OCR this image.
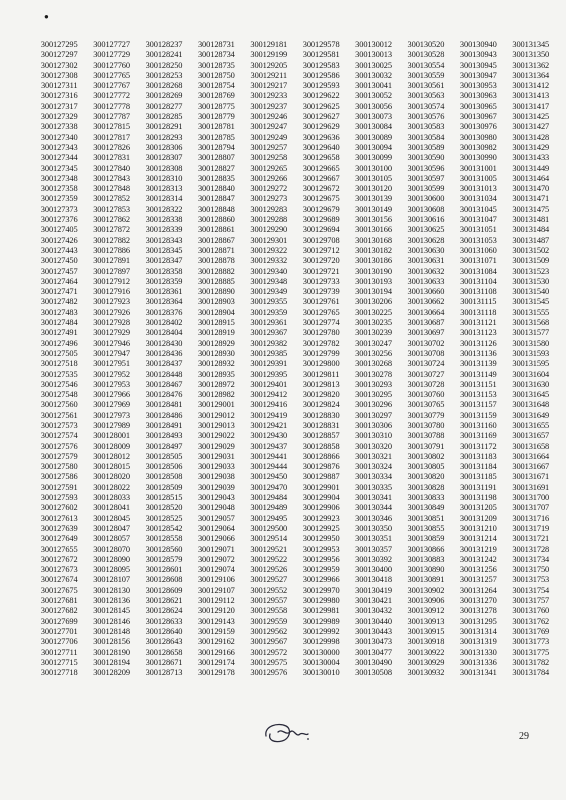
●
300127295	300127727	300128237	300128731	300129181	300129578	300130012	300130520	300130940	300131345
300127297	300127729	300128241	300128734	300129199	300129581	300130013	300130528	300130943	300131350
300127302	300127760	300128250	300128735	300129205	300129583	300130025	300130554	300130945	300131362
300127308	300127765	300128253	300128750	300129211	300129586	300130032	300130559	300130947	300131364
300127311	300127767	300128268	300128754	300129217	300129593	300130041	300130561	300130953	300131412
300127316	300127772	300128269	300128769	300129233	300129622	300130052	300130563	300130963	300131413
300127317	300127778	300128277	300128775	300129237	300129625	300130056	300130574	300130965	300131417
300127329	300127787	300128285	300128779	300129246	300129627	300130073	300130576	300130967	300131425
300127338	300127815	300128291	300128781	300129247	300129629	300130084	300130583	300130976	300131427
300127340	300127817	300128293	300128785	300129249	300129636	300130089	300130584	300130980	300131428
300127343	300127826	300128306	300128794	300129257	300129640	300130094	300130589	300130982	300131429
300127344	300127831	300128307	300128807	300129258	300129658	300130099	300130590	300130990	300131433
300127345	300127840	300128308	300128827	300129265	300129665	300130100	300130596	300131001	300131449
300127348	300127843	300128310	300128835	300129266	300129667	300130105	300130597	300131005	300131464
300127358	300127848	300128313	300128840	300129272	300129672	300130120	300130599	300131013	300131470
300127359	300127852	300128314	300128847	300129273	300129675	300130139	300130600	300131034	300131471
300127373	300127853	300128322	300128848	300129283	300129679	300130149	300130608	300131045	300131475
300127376	300127862	300128338	300128860	300129288	300129689	300130156	300130616	300131047	300131481
300127405	300127872	300128339	300128861	300129290	300129694	300130166	300130625	300131051	300131484
300127426	300127882	300128343	300128867	300129301	300129708	300130168	300130628	300131053	300131487
300127443	300127886	300128345	300128871	300129322	300129712	300130182	300130630	300131060	300131502
300127450	300127891	300128347	300128878	300129332	300129720	300130186	300130631	300131071	300131509
300127457	300127897	300128358	300128882	300129340	300129721	300130190	300130632	300131084	300131523
300127464	300127912	300128359	300128885	300129348	300129733	300130193	300130633	300131104	300131530
300127471	300127916	300128361	300128890	300129349	300129739	300130194	300130660	300131108	300131540
300127482	300127923	300128364	300128903	300129355	300129761	300130206	300130662	300131115	300131545
300127483	300127926	300128376	300128904	300129359	300129765	300130225	300130664	300131118	300131555
300127484	300127928	300128402	300128915	300129361	300129774	300130235	300130687	300131121	300131568
300127491	300127929	300128404	300128919	300129367	300129780	300130239	300130697	300131123	300131577
300127496	300127946	300128430	300128929	300129382	300129782	300130247	300130702	300131126	300131580
300127505	300127947	300128436	300128930	300129385	300129799	300130256	300130708	300131136	300131593
300127518	300127951	300128437	300128932	300129391	300129800	300130268	300130724	300131139	300131595
300127535	300127952	300128448	300128935	300129395	300129811	300130278	300130727	300131149	300131604
300127546	300127953	300128467	300128972	300129401	300129813	300130293	300130728	300131151	300131630
300127548	300127966	300128476	300128982	300129412	300129820	300130295	300130760	300131153	300131645
300127560	300127969	300128481	300129001	300129416	300129824	300130296	300130765	300131157	300131648
300127561	300127973	300128486	300129012	300129419	300128830	300130297	300130779	300131159	300131649
300127573	300127989	300128491	300129013	300129421	300128831	300130306	300130780	300131160	300131655
300127574	300128001	300128493	300129022	300129430	300128857	300130310	300130788	300131169	300131657
300127576	300128009	300128497	300129029	300129437	300128858	300130320	300130791	300131172	300131658
300127579	300128012	300128505	300129031	300129441	300128866	300130321	300130802	300131183	300131664
300127580	300128015	300128506	300129033	300129444	300129876	300130324	300130805	300131184	300131667
300127586	300128020	300128508	300129038	300129450	300129887	300130334	300130820	300131185	300131671
300127591	300128022	300128509	300129039	300129470	300129901	300130335	300130828	300131191	300131691
300127593	300128033	300128515	300129043	300129484	300129904	300130341	300130833	300131198	300131700
300127602	300128041	300128520	300129048	300129489	300129906	300130344	300130849	300131205	300131707
300127613	300128045	300128525	300129057	300129495	300129923	300130346	300130851	300131209	300131716
300127639	300128047	300128542	300129064	300129500	300129925	300130350	300130855	300131210	300131719
300127649	300128057	300128558	300129066	300129514	300129950	300130351	300130859	300131214	300131721
300127655	300128070	300128560	300129071	300129521	300129953	300130357	300130866	300131219	300131728
300127672	300128090	300128579	300129072	300129522	300129956	300130392	300130883	300131242	300131734
300127673	300128095	300128601	300129074	300129526	300129959	300130400	300130890	300131256	300131750
300127674	300128107	300128608	300129106	300129527	300129966	300130418	300130891	300131257	300131753
300127675	300128130	300128609	300129107	300129552	300129970	300130419	300130902	300131264	300131754
300127681	300128136	300128621	300129112	300129557	300129980	300130421	300130906	300131270	300131757
300127682	300128145	300128624	300129120	300129558	300129981	300130432	300130912	300131278	300131760
300127699	300128146	300128633	300129143	300129559	300129989	300130440	300130913	300131295	300131762
300127701	300128148	300128640	300129159	300129562	300129992	300130443	300130915	300131314	300131769
300127706	300128156	300128643	300129162	300129567	300129998	300130473	300130918	300131319	300131773
300127711	300128190	300128658	300129166	300129572	300130000	300130477	300130922	300131330	300131775
300127715	300128194	300128671	300129174	300129575	300130004	300130490	300130929	300131336	300131782
300127718	300128209	300128713	300129178	300129576	300130010	300130508	300130932	300131341	300131784
29
